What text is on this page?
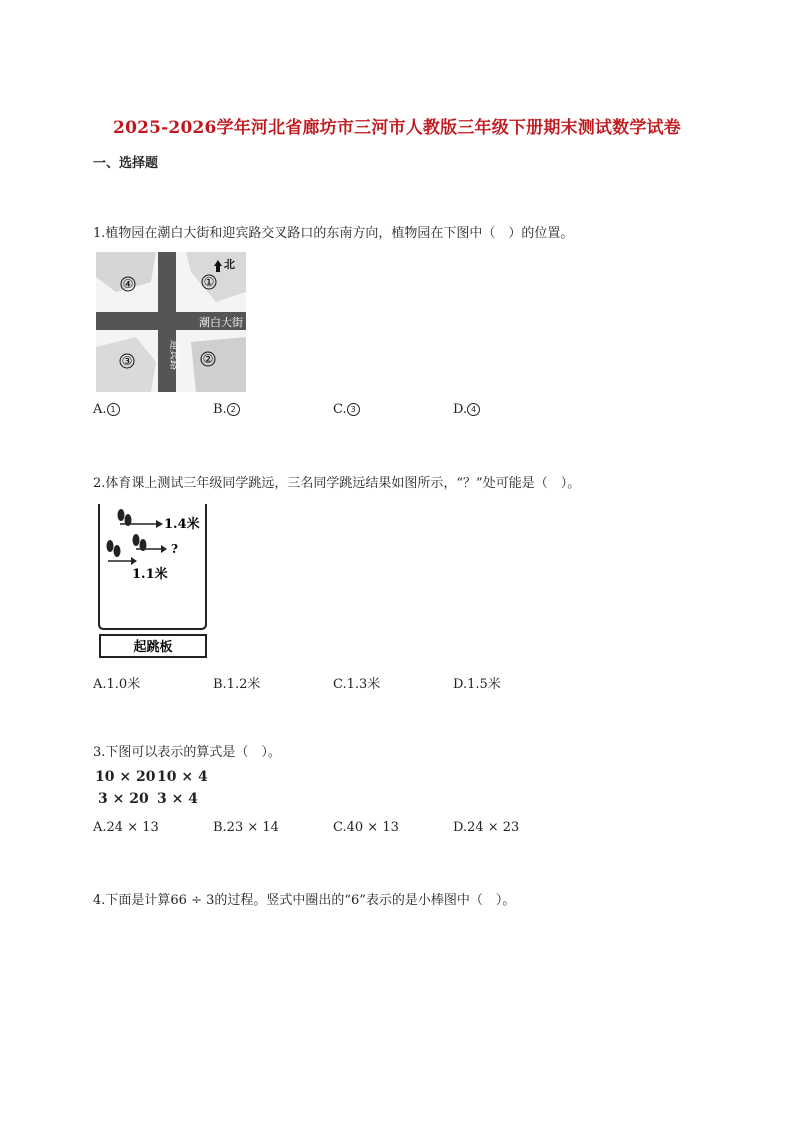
2025-2026学年河北省廊坊市三河市人教版三年级下册期末测试数学试卷
一、选择题
1.植物园在潮白大街和迎宾路交叉路口的东南方向，植物园在下图中（　）的位置。
潮白大街
迎宾路
北
④	①
③	②
A. 1	B. 2	C. 3	D. 4
2.体育课上测试三年级同学跳远，三名同学跳远结果如图所示，“？”处可能是（　）。
起跳板
1.4米
?
1.1米
A.1.0米	B.1.2米	C.1.3米	D.1.5米
3.下图可以表示的算式是（　）。
10 × 20 10 × 4
3 × 20 3 × 4
A.24 × 13	B.23 × 14	C.40 × 13	D.24 × 23
4.下面是计算66 ÷ 3的过程。竖式中圈出的“6”表示的是小棒图中（　）。
